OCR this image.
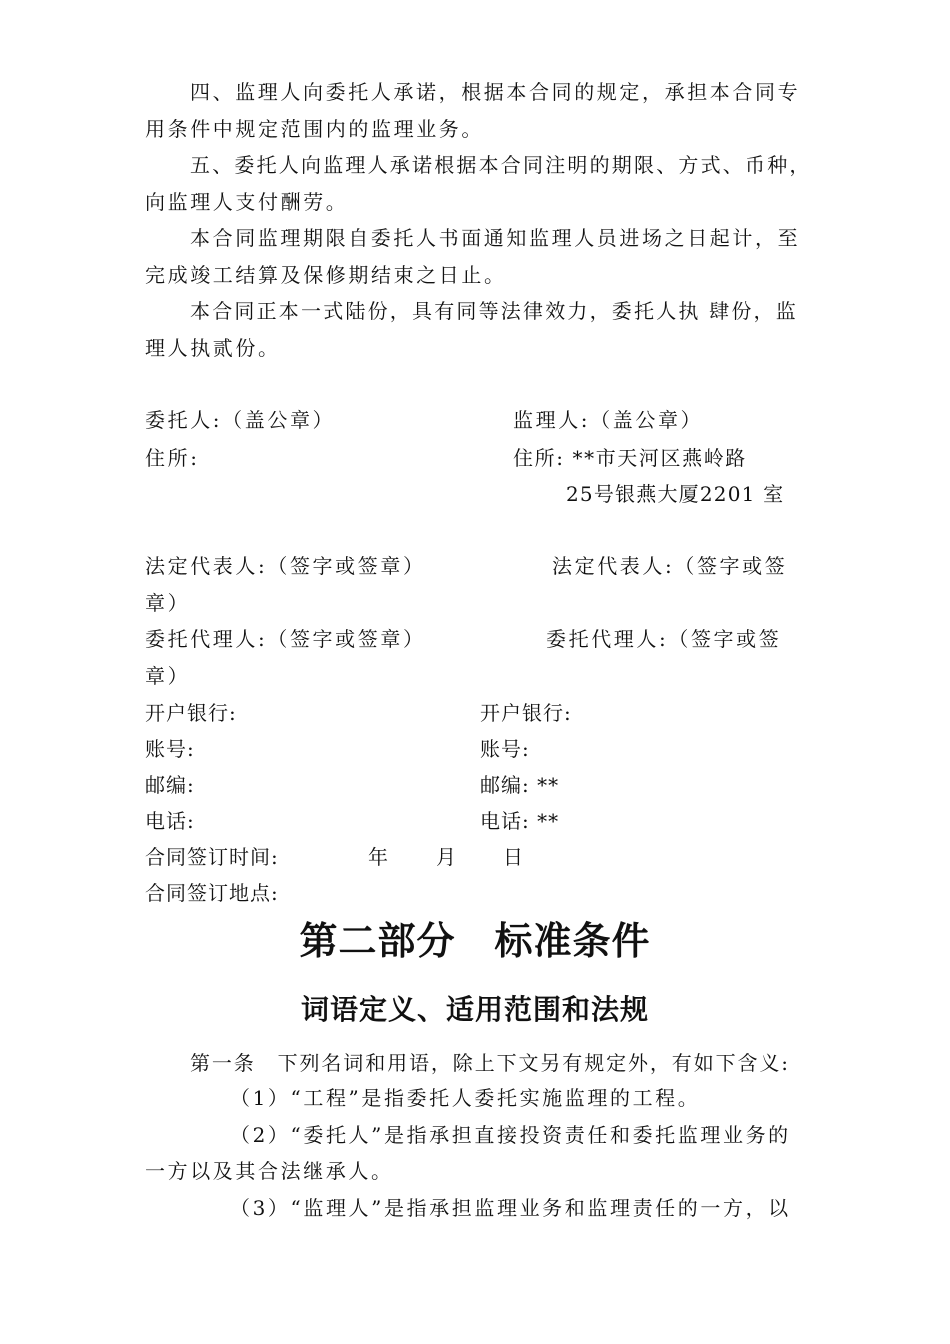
四、监理人向委托人承诺，根据本合同的规定，承担本合同专
用条件中规定范围内的监理业务。
五、委托人向监理人承诺根据本合同注明的期限、方式、币种，
向监理人支付酬劳。
本合同监理期限自委托人书面通知监理人员进场之日起计，至
完成竣工结算及保修期结束之日止。
本合同正本一式陆份，具有同等法律效力，委托人执 肆份，监
理人执贰份。
委托人:（盖公章）	监理人:（盖公章）
住所:	住所: **市天河区燕岭路
25号银燕大厦2201 室
法定代表人:（签字或签章）	法定代表人:（签字或签
章）
委托代理人:（签字或签章）	委托代理人:（签字或签
章）
开户银行:	开户银行:
账号:	账号:
邮编:	邮编: **
电话:	电话: **
合同签订时间:	年 月 日
合同签订地点:
第二部分　标准条件
词语定义、适用范围和法规
第一条　下列名词和用语，除上下文另有规定外，有如下含义:
（1）“工程”是指委托人委托实施监理的工程。
（2）“委托人”是指承担直接投资责任和委托监理业务的
一方以及其合法继承人。
（3）“监理人”是指承担监理业务和监理责任的一方，以
